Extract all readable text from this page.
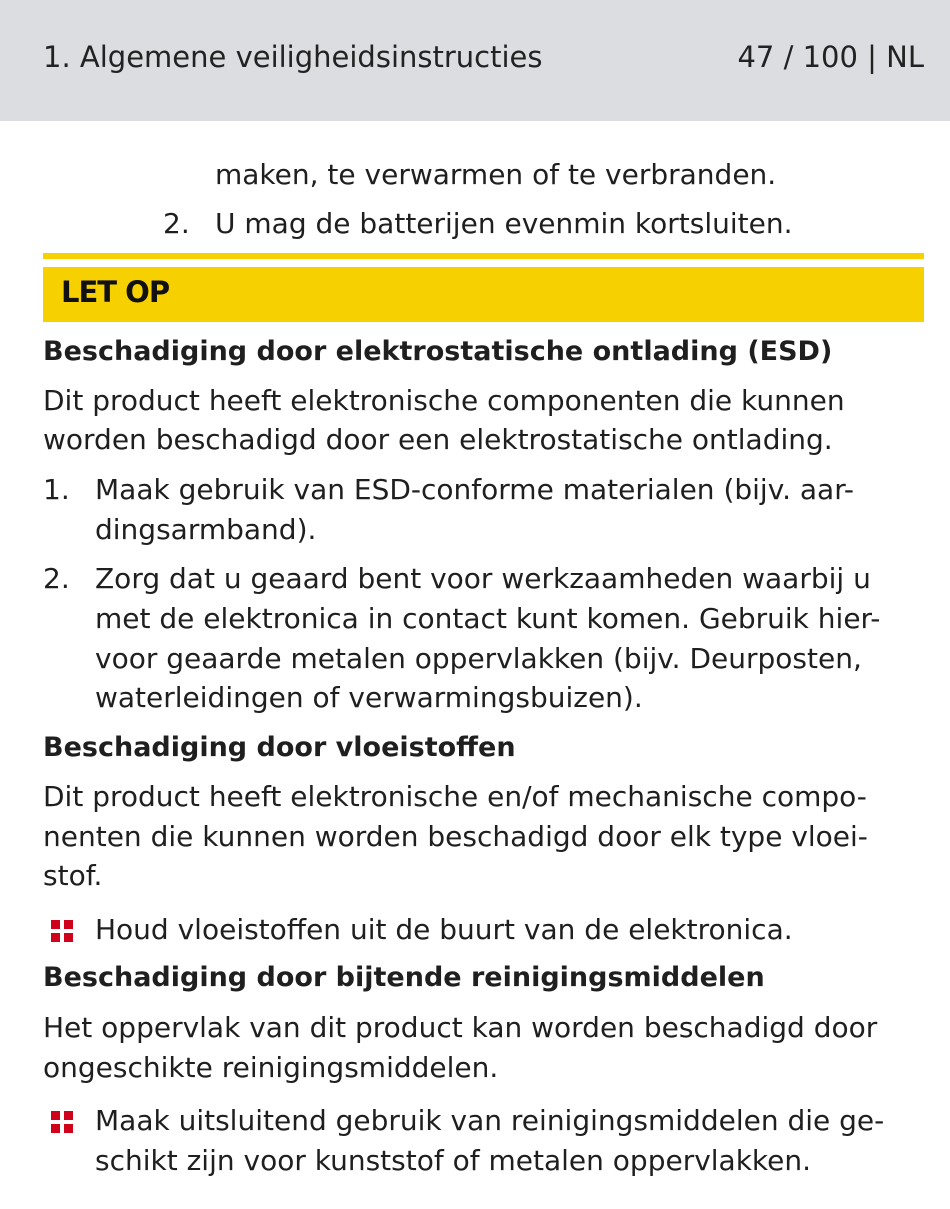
1. Algemene veiligheidsinstructies	47 / 100 | NL
maken, te verwarmen of te verbranden.
2. U mag de batterijen evenmin kortsluiten.
LET OP
Beschadiging door elektrostatische ontlading (ESD)
Dit product heeft elektronische componenten die kunnen
worden beschadigd door een elektrostatische ontlading.
1. Maak gebruik van ESD-conforme materialen (bijv. aar-
dingsarmband).
2. Zorg dat u geaard bent voor werkzaamheden waarbij u
met de elektronica in contact kunt komen. Gebruik hier-
voor geaarde metalen oppervlakken (bijv. Deurposten,
waterleidingen of verwarmingsbuizen).
Beschadiging door vloeistoffen
Dit product heeft elektronische en/of mechanische compo-
nenten die kunnen worden beschadigd door elk type vloei-
stof.
Houd vloeistoffen uit de buurt van de elektronica.
Beschadiging door bijtende reinigingsmiddelen
Het oppervlak van dit product kan worden beschadigd door
ongeschikte reinigingsmiddelen.
Maak uitsluitend gebruik van reinigingsmiddelen die ge-
schikt zijn voor kunststof of metalen oppervlakken.
